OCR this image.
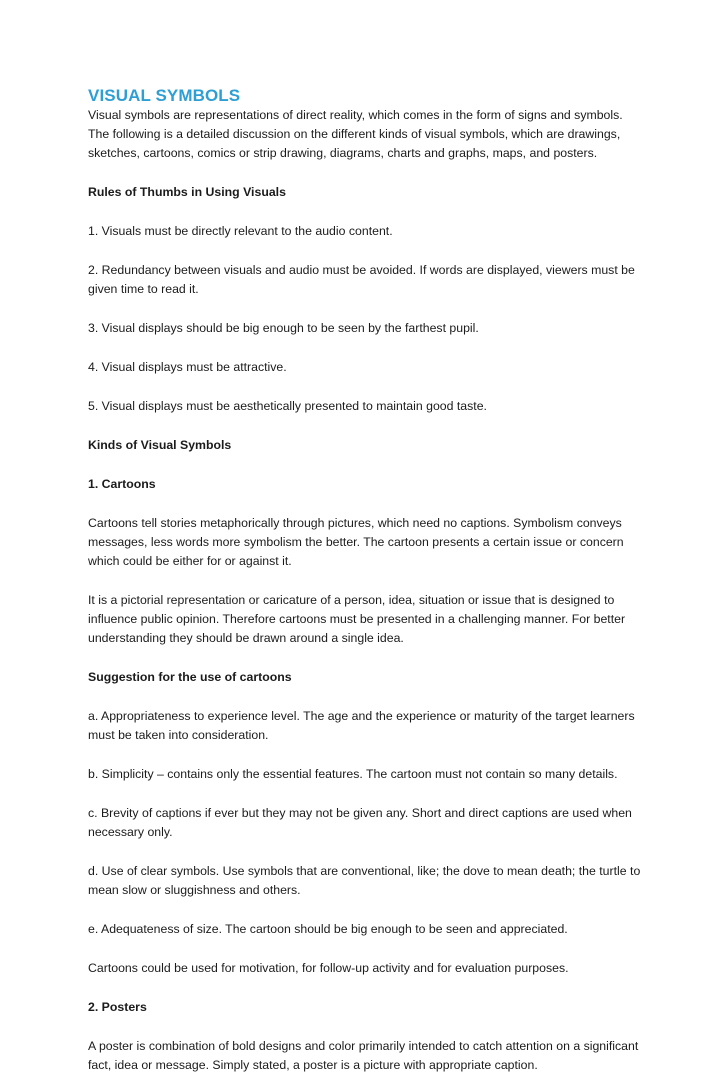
VISUAL SYMBOLS

Visual symbols are representations of direct reality, which comes in the form of signs and symbols. The following is a detailed discussion on the different kinds of visual symbols, which are drawings, sketches, cartoons, comics or strip drawing, diagrams, charts and graphs, maps, and posters.

Rules of Thumbs in Using Visuals

1. Visuals must be directly relevant to the audio content.

2. Redundancy between visuals and audio must be avoided. If words are displayed, viewers must be given time to read it.

3. Visual displays should be big enough to be seen by the farthest pupil.

4. Visual displays must be attractive.

5. Visual displays must be aesthetically presented to maintain good taste.

Kinds of Visual Symbols

1. Cartoons

Cartoons tell stories metaphorically through pictures, which need no captions. Symbolism conveys messages, less words more symbolism the better. The cartoon presents a certain issue or concern which could be either for or against it.

It is a pictorial representation or caricature of a person, idea, situation or issue that is designed to influence public opinion. Therefore cartoons must be presented in a challenging manner. For better understanding they should be drawn around a single idea.

Suggestion for the use of cartoons

a. Appropriateness to experience level. The age and the experience or maturity of the target learners must be taken into consideration.

b. Simplicity – contains only the essential features. The cartoon must not contain so many details.

c. Brevity of captions if ever but they may not be given any. Short and direct captions are used when necessary only.

d. Use of clear symbols. Use symbols that are conventional, like; the dove to mean death; the turtle to mean slow or sluggishness and others.

e. Adequateness of size. The cartoon should be big enough to be seen and appreciated.

Cartoons could be used for motivation, for follow-up activity and for evaluation purposes.

2. Posters

A poster is combination of bold designs and color primarily intended to catch attention on a significant fact, idea or message. Simply stated, a poster is a picture with appropriate caption.
